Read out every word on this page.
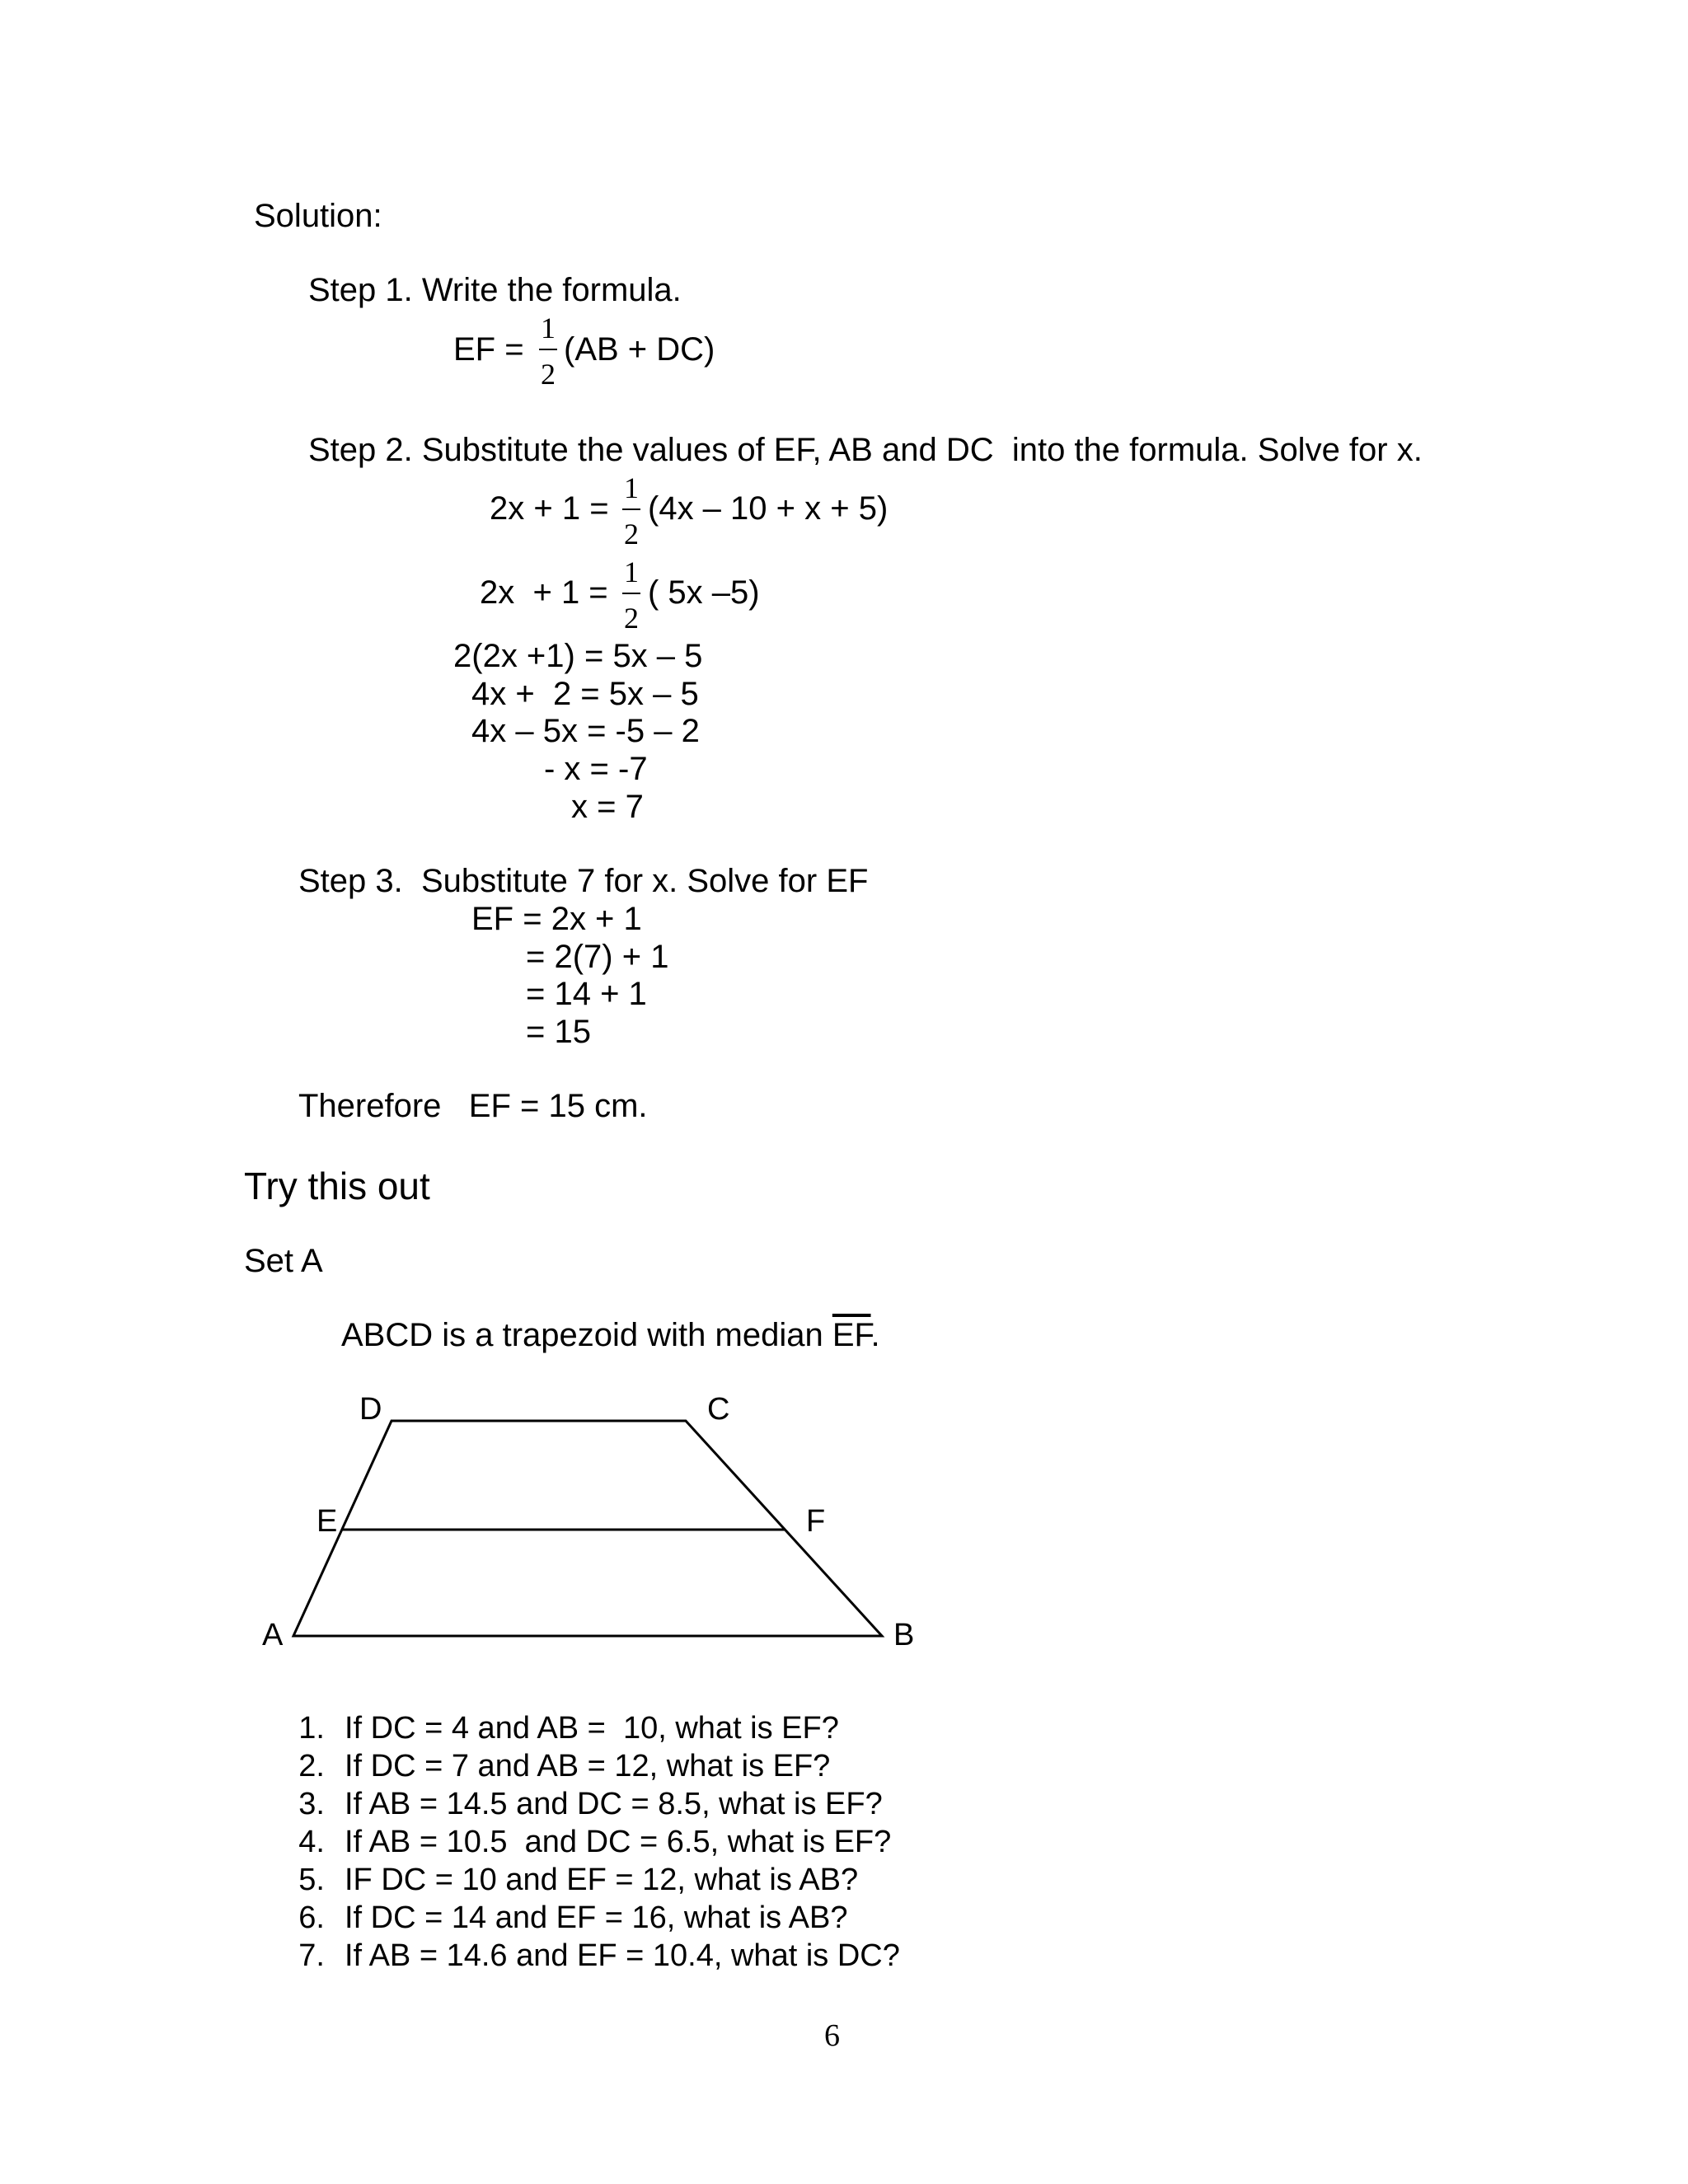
Solution:
Step 1. Write the formula.
EF =
1
2
(AB + DC)
Step 2. Substitute the values of EF, AB and DC  into the formula. Solve for x.
2x + 1 =
1
2
(4x – 10 + x + 5)
2x  + 1 =
1
2
( 5x –5)
2(2x +1) = 5x – 5
4x +  2 = 5x – 5
4x – 5x = -5 – 2
- x = -7
x = 7
Step 3.  Substitute 7 for x. Solve for EF
EF = 2x + 1
= 2(7) + 1
= 14 + 1
= 15
Therefore   EF = 15 cm.
Try this out
Set A
ABCD is a trapezoid with median $\overline{EF}$.
D	C
E	F
A	B
1. If DC = 4 and AB =  10, what is EF?
2. If DC = 7 and AB = 12, what is EF?
3. If AB = 14.5 and DC = 8.5, what is EF?
4. If AB = 10.5  and DC = 6.5, what is EF?
5. IF DC = 10 and EF = 12, what is AB?
6. If DC = 14 and EF = 16, what is AB?
7. If AB = 14.6 and EF = 10.4, what is DC?
6
